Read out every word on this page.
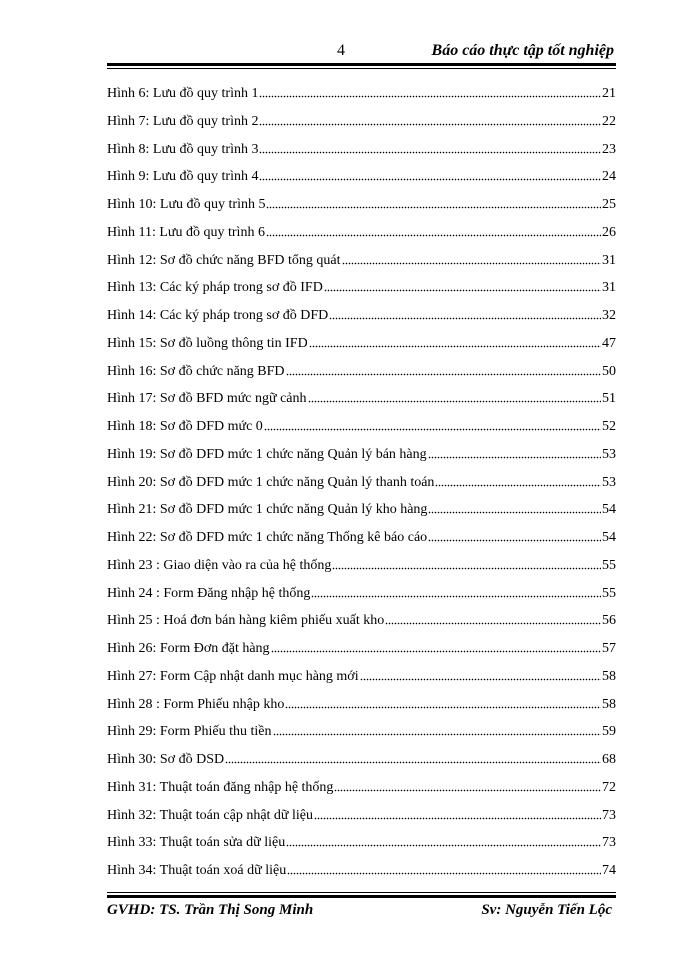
4	Báo cáo thực tập tốt nghiệp
Hình 6: Lưu đồ quy trình 1	21
Hình 7: Lưu đồ quy trình 2	22
Hình 8: Lưu đồ quy trình 3	23
Hình 9: Lưu đồ quy trình 4	24
Hình 10: Lưu đồ quy trình 5	25
Hình 11: Lưu đồ quy trình 6	26
Hình 12: Sơ đồ chức năng BFD tổng quát	31
Hình 13: Các ký pháp trong sơ đồ IFD	31
Hình 14: Các ký pháp trong sơ đồ DFD	32
Hình 15: Sơ đồ luồng thông tin IFD	47
Hình 16: Sơ đồ chức năng BFD	50
Hình 17: Sơ đồ BFD mức ngữ cảnh	51
Hình 18: Sơ đồ DFD mức 0	52
Hình 19: Sơ đồ DFD mức 1 chức năng Quản lý bán hàng	53
Hình 20: Sơ đồ DFD mức 1 chức năng Quản lý thanh toán	53
Hình 21: Sơ đồ DFD mức 1 chức năng Quản lý kho hàng	54
Hình 22: Sơ đồ DFD mức 1 chức năng Thống kê báo cáo	54
Hình 23 : Giao diện vào ra của hệ thống	55
Hình 24 : Form Đăng nhập hệ thống	55
Hình 25 : Hoá đơn bán hàng kiêm phiếu xuất kho	56
Hình 26: Form Đơn đặt hàng	57
Hình 27: Form Cập nhật danh mục hàng mới	58
Hình 28 : Form Phiếu nhập kho	58
Hình 29: Form Phiếu thu tiền	59
Hình 30: Sơ đồ DSD	68
Hình 31: Thuật toán đăng nhập hệ thống	72
Hình 32: Thuật toán cập nhật dữ liệu	73
Hình 33: Thuật toán sửa dữ liệu	73
Hình 34: Thuật toán xoá dữ liệu	74
GVHD: TS. Trần Thị Song Minh	Sv: Nguyễn Tiến Lộc
